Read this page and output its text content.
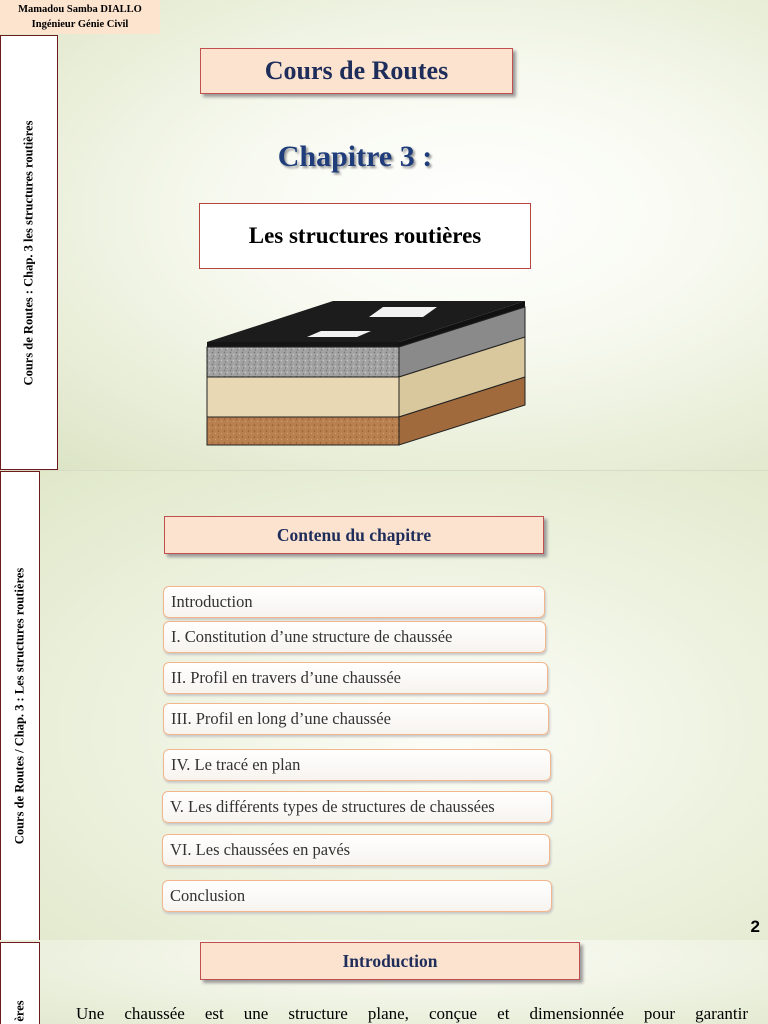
Mamadou Samba DIALLO
Ingénieur Génie Civil
Cours de Routes : Chap. 3 les structures routières
Cours de Routes
Chapitre 3 :
Les structures routières
Cours de Routes / Chap. 3 : Les structures routières
Contenu du chapitre
Introduction
I. Constitution d’une structure de chaussée
II. Profil en travers d’une chaussée
III. Profil en long d’une chaussée
IV. Le tracé en plan
V. Les différents types de structures de chaussées
VI. Les chaussées en pavés
Conclusion
2
ères
Introduction
Une chaussée est une structure plane, conçue et dimensionnée pour garantir
